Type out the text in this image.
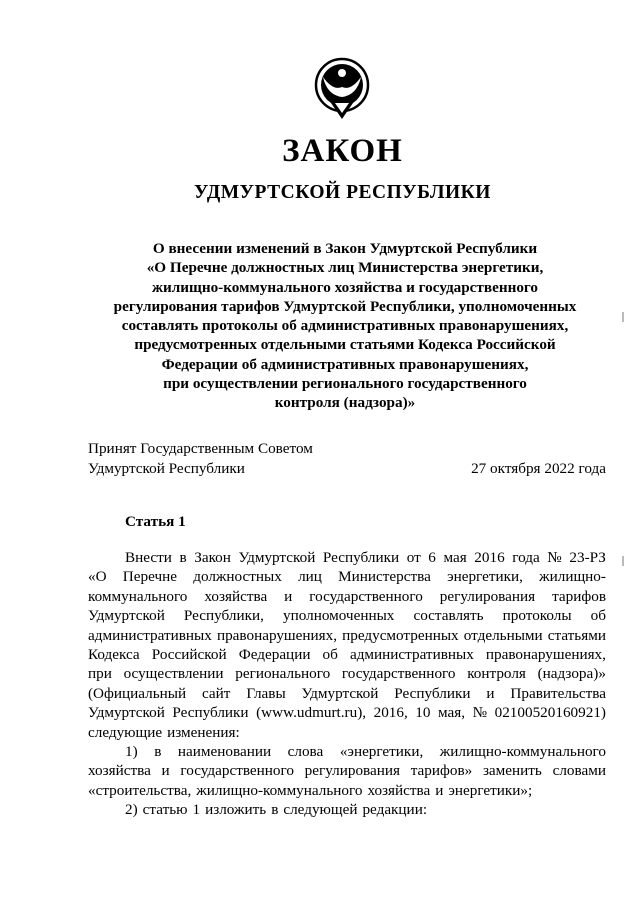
ЗАКОН
УДМУРТСКОЙ РЕСПУБЛИКИ
О внесении изменений в Закон Удмуртской Республики
«О Перечне должностных лиц Министерства энергетики,
жилищно-коммунального хозяйства и государственного
регулирования тарифов Удмуртской Республики, уполномоченных
составлять протоколы об административных правонарушениях,
предусмотренных отдельными статьями Кодекса Российской
Федерации об административных правонарушениях,
при осуществлении регионального государственного
контроля (надзора)»
Принят Государственным Советом
Удмуртской Республики	27 октября 2022 года
Статья 1
Внести в Закон Удмуртской Республики от 6 мая 2016 года № 23-РЗ
«О Перечне должностных лиц Министерства энергетики, жилищно-
коммунального хозяйства и государственного регулирования тарифов
Удмуртской Республики, уполномоченных составлять протоколы об
административных правонарушениях, предусмотренных отдельными статьями
Кодекса Российской Федерации об административных правонарушениях,
при осуществлении регионального государственного контроля (надзора)»
(Официальный сайт Главы Удмуртской Республики и Правительства
Удмуртской Республики (www.udmurt.ru), 2016, 10 мая, № 02100520160921)
следующие изменения:
1) в наименовании слова «энергетики, жилищно-коммунального
хозяйства и государственного регулирования тарифов» заменить словами
«строительства, жилищно-коммунального хозяйства и энергетики»;
2) статью 1 изложить в следующей редакции:
